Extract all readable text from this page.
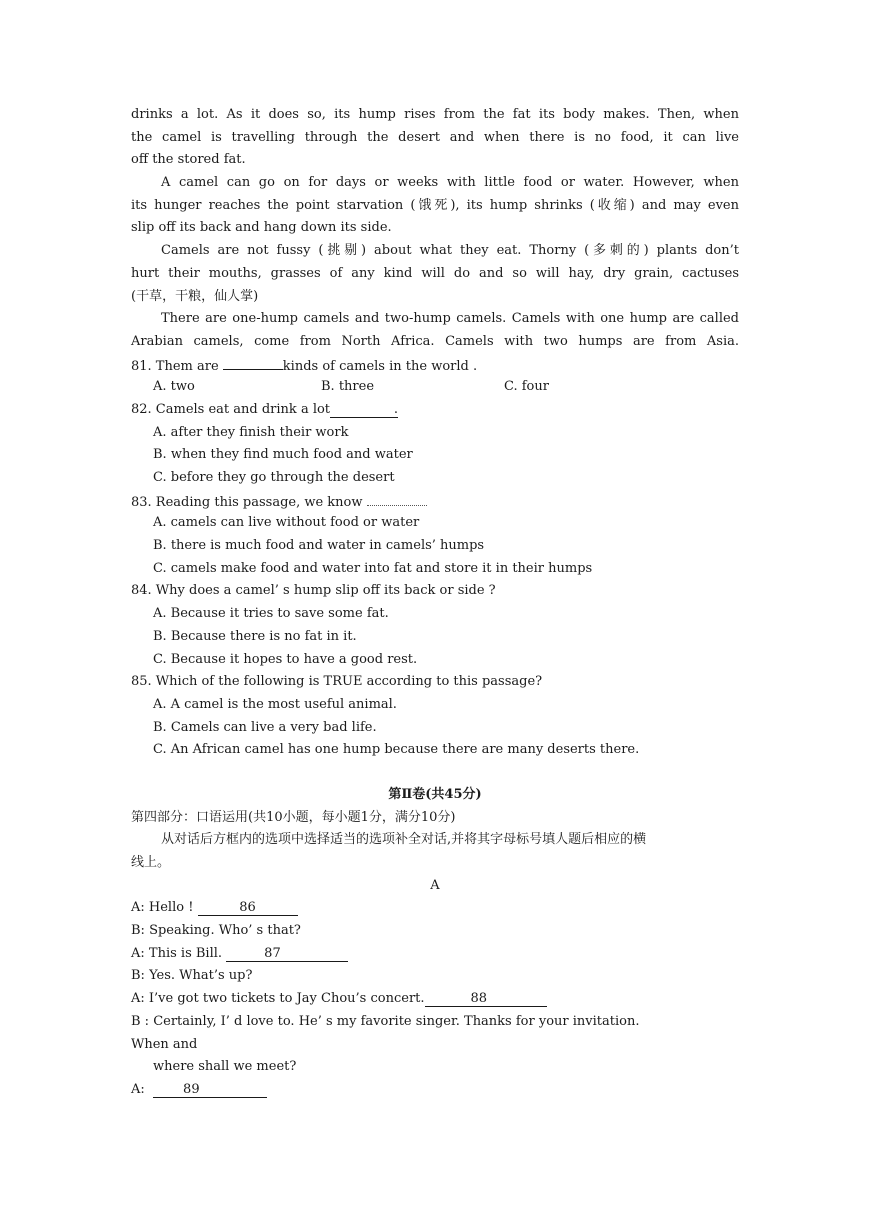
drinks a lot. As it does so, its hump rises from the fat its body makes. Then, when
the camel is travelling through the desert and when there is no food, it can live
off the stored fat.
A camel can go on for days or weeks with little food or water. However, when
its hunger reaches the point starvation (饿死), its hump shrinks (收缩) and may even
slip off its back and hang down its side.
Camels are not fussy (挑剔) about what they eat. Thorny (多刺的) plants don’t
hurt their mouths, grasses of any kind will do and so will hay, dry grain, cactuses
(干草，干粮，仙人掌)
There are one-hump camels and two-hump camels. Camels with one hump are called
Arabian camels, come from North Africa. Camels with two humps are from Asia.
81. Them are	kinds of camels in the world .
A. two	B. three	C. four
82. Camels eat and drink a lot	.
A. after they finish their work
B. when they find much food and water
C. before they go through the desert
83. Reading this passage, we know
A. camels can live without food or water
B. there is much food and water in camels’ humps
C. camels make food and water into fat and store it in their humps
84. Why does a camel’ s hump slip off its back or side ?
A. Because it tries to save some fat.
B. Because there is no fat in it.
C. Because it hopes to have a good rest.
85. Which of the following is TRUE according to this passage?
A. A camel is the most useful animal.
B. Camels can live a very bad life.
C. An African camel has one hump because there are many deserts there.
第Ⅱ卷(共45分)
第四部分：口语运用(共10小题，每小题1分，满分10分)
从对话后方框内的选项中选择适当的选项补全对话,并将其字母标号填人题后相应的横
线上。
A
A: Hello !	86
B: Speaking. Who’ s that?
A: This is Bill.	87
B: Yes. What’s up?
A: I’ve got two tickets to Jay Chou’s concert.	88
B : Certainly, I’ d love to. He’ s my favorite singer. Thanks for your invitation.
When and
where shall we meet?
A:  89
